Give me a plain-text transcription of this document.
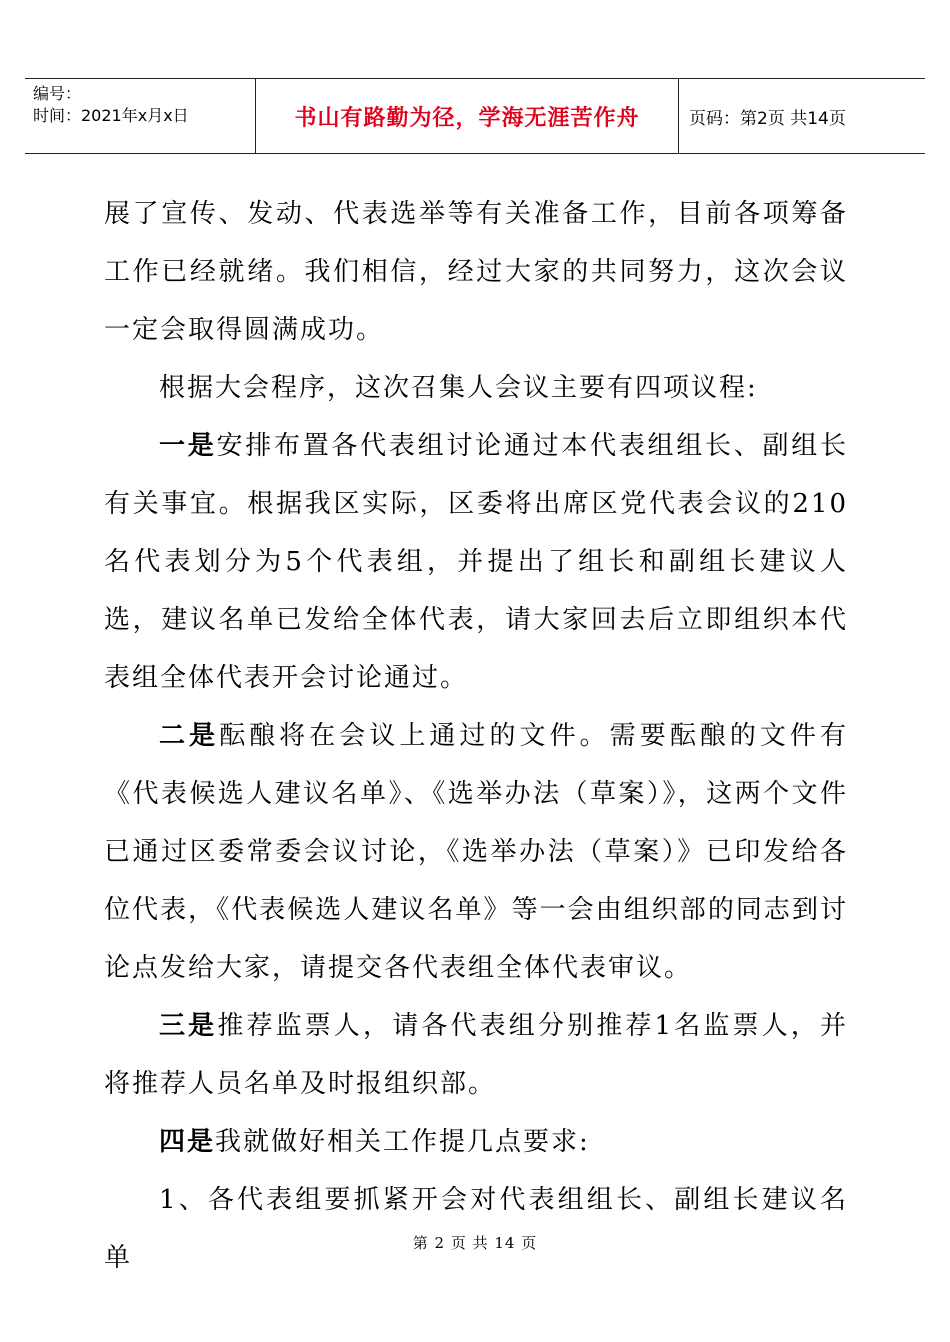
编号：
时间：2021年x月x日	书山有路勤为径，学海无涯苦作舟	页码：第2页 共14页

展了宣传、发动、代表选举等有关准备工作，目前各项筹备工作已经就绪。我们相信，经过大家的共同努力，这次会议一定会取得圆满成功。

根据大会程序，这次召集人会议主要有四项议程:

一是安排布置各代表组讨论通过本代表组组长、副组长有关事宜。根据我区实际，区委将出席区党代表会议的210名代表划分为5个代表组，并提出了组长和副组长建议人选，建议名单已发给全体代表，请大家回去后立即组织本代表组全体代表开会讨论通过。

二是酝酿将在会议上通过的文件。需要酝酿的文件有《代表候选人建议名单》、《选举办法（草案）》，这两个文件已通过区委常委会议讨论，《选举办法（草案）》已印发给各位代表，《代表候选人建议名单》等一会由组织部的同志到讨论点发给大家，请提交各代表组全体代表审议。

三是推荐监票人，请各代表组分别推荐1名监票人，并将推荐人员名单及时报组织部。

四是我就做好相关工作提几点要求:

1、各代表组要抓紧开会对代表组组长、副组长建议名单	第 2 页 共 14 页
